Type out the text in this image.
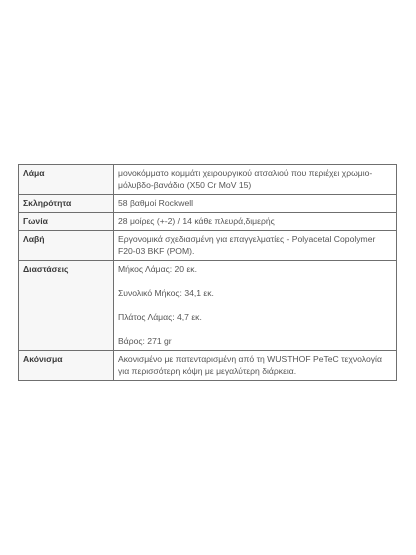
Λάμα	μονοκόμματο κομμάτι χειρουργικού ατσαλιού που περιέχει χρωμιο-μόλυβδο-βανάδιο (X50 Cr MoV 15)

Σκληρότητα	58 βαθμοί Rockwell

Γωνία	28 μοίρες (+-2) / 14 κάθε πλευρά,διμερής

Λαβή	Εργονομικά σχεδιασμένη για επαγγελματίες - Polyacetal Copolymer F20-03 BKF (POM).

Διαστάσεις	Μήκος Λάμας: 20 εκ.

Συνολικό Μήκος: 34,1 εκ.

Πλάτος Λάμας: 4,7 εκ.

Βάρος: 271 gr

Ακόνισμα	Ακονισμένο με πατενταρισμένη από τη WUSTHOF PeTeC τεχνολογία για περισσότερη κόψη με μεγαλύτερη διάρκεια.
